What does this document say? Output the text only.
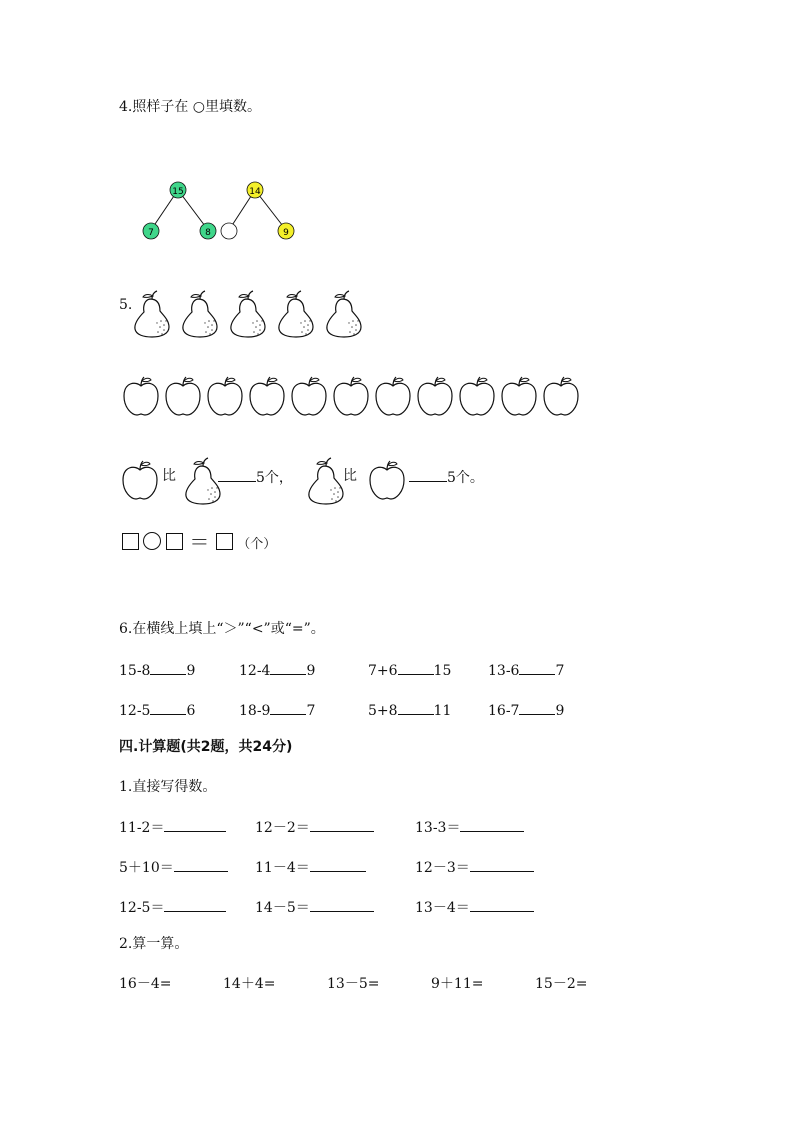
4.照样子在 ○里填数。
15
7	8
14
9
5.
比	5个，	比	5个。
＝ （个）
6.在横线上填上“＞”“<”或“=”。
15-8	9	12-4	9	7+6	15	13-6	7
12-5	6	18-9	7	5+8	11	16-7	9
四.计算题(共2题，共24分)
1.直接写得数。
11-2＝	12－2＝	13-3＝
5＋10＝	11－4＝	12－3＝
12-5＝	14－5＝	13－4＝
2.算一算。
16－4=	14＋4=	13－5=	9＋11=	15－2=
